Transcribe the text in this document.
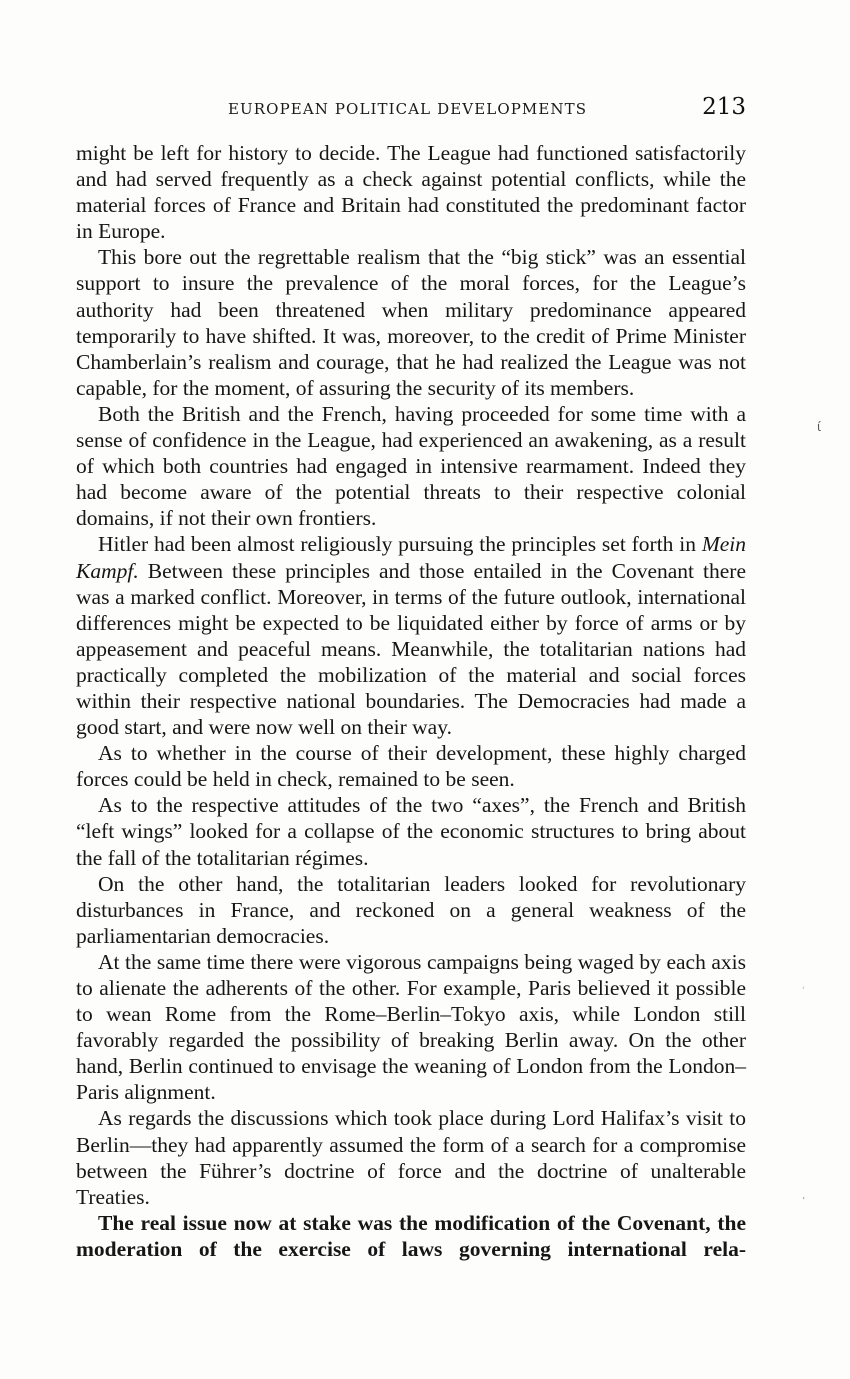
EUROPEAN POLITICAL DEVELOPMENTS	213

might be left for history to decide. The League had functioned satisfactorily and had served frequently as a check against potential conflicts, while the material forces of France and Britain had constituted the predominant factor in Europe.

This bore out the regrettable realism that the “big stick” was an essential support to insure the prevalence of the moral forces, for the League’s authority had been threatened when military predominance appeared temporarily to have shifted. It was, moreover, to the credit of Prime Minister Chamberlain’s realism and courage, that he had realized the League was not capable, for the moment, of assuring the security of its members.

Both the British and the French, having proceeded for some time with a sense of confidence in the League, had experienced an awakening, as a result of which both countries had engaged in intensive rearmament. Indeed they had become aware of the potential threats to their respective colonial domains, if not their own frontiers.

Hitler had been almost religiously pursuing the principles set forth in Mein Kampf. Between these principles and those entailed in the Covenant there was a marked conflict. Moreover, in terms of the future outlook, international differences might be expected to be liquidated either by force of arms or by appeasement and peaceful means. Meanwhile, the totalitarian nations had practically completed the mobilization of the material and social forces within their respective national boundaries. The Democracies had made a good start, and were now well on their way.

As to whether in the course of their development, these highly charged forces could be held in check, remained to be seen.

As to the respective attitudes of the two “axes”, the French and British “left wings” looked for a collapse of the economic structures to bring about the fall of the totalitarian régimes.

On the other hand, the totalitarian leaders looked for revolutionary disturbances in France, and reckoned on a general weakness of the parliamentarian democracies.

At the same time there were vigorous campaigns being waged by each axis to alienate the adherents of the other. For example, Paris believed it possible to wean Rome from the Rome–Berlin–Tokyo axis, while London still favorably regarded the possibility of breaking Berlin away. On the other hand, Berlin continued to envisage the weaning of London from the London–Paris alignment.

As regards the discussions which took place during Lord Halifax’s visit to Berlin—they had apparently assumed the form of a search for a compromise between the Führer’s doctrine of force and the doctrine of unalterable Treaties.

The real issue now at stake was the modification of the Covenant, the moderation of the exercise of laws governing international rela-

ί
‘
’
